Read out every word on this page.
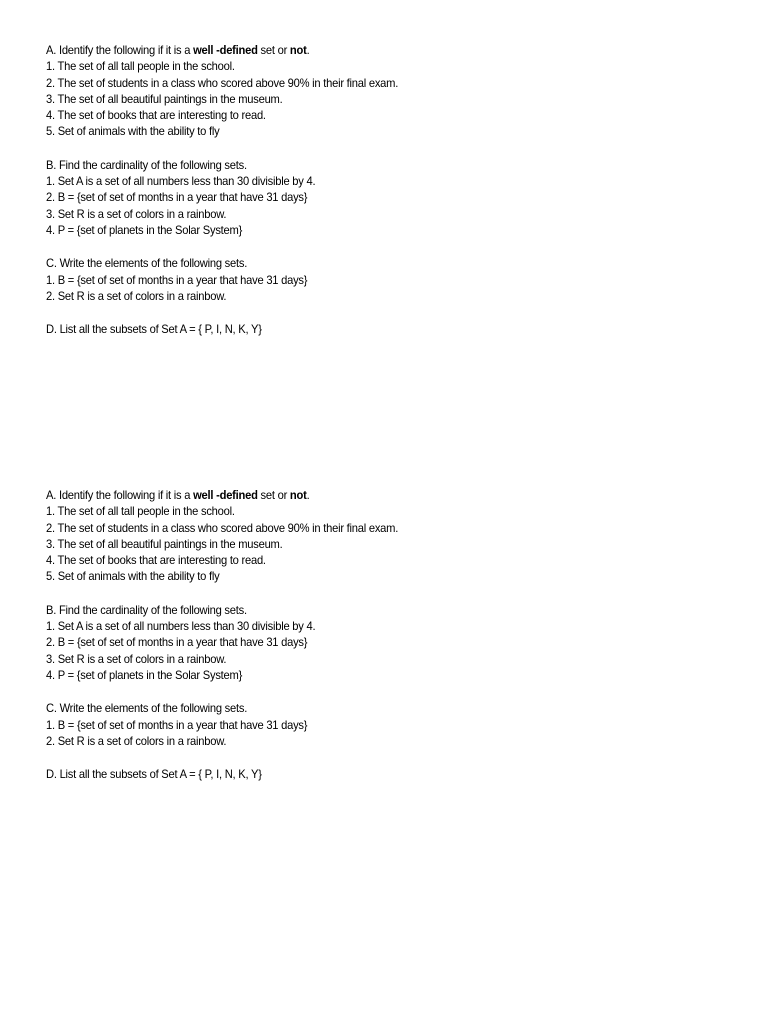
A. Identify the following if it is a well -defined set or not.
1. The set of all tall people in the school.
2. The set of students in a class who scored above 90% in their final exam.
3. The set of all beautiful paintings in the museum.
4. The set of books that are interesting to read.
5. Set of animals with the ability to fly
B. Find the cardinality of the following sets.
1. Set A is a set of all numbers less than 30 divisible by 4.
2. B = {set of set of months in a year that have 31 days}
3. Set R is a set of colors in a rainbow.
4. P = {set of planets in the Solar System}
C. Write the elements of the following sets.
1. B = {set of set of months in a year that have 31 days}
2. Set R is a set of colors in a rainbow.
D. List all the subsets of Set A = { P, I, N, K, Y}
A. Identify the following if it is a well -defined set or not.
1. The set of all tall people in the school.
2. The set of students in a class who scored above 90% in their final exam.
3. The set of all beautiful paintings in the museum.
4. The set of books that are interesting to read.
5. Set of animals with the ability to fly
B. Find the cardinality of the following sets.
1. Set A is a set of all numbers less than 30 divisible by 4.
2. B = {set of set of months in a year that have 31 days}
3. Set R is a set of colors in a rainbow.
4. P = {set of planets in the Solar System}
C. Write the elements of the following sets.
1. B = {set of set of months in a year that have 31 days}
2. Set R is a set of colors in a rainbow.
D. List all the subsets of Set A = { P, I, N, K, Y}
